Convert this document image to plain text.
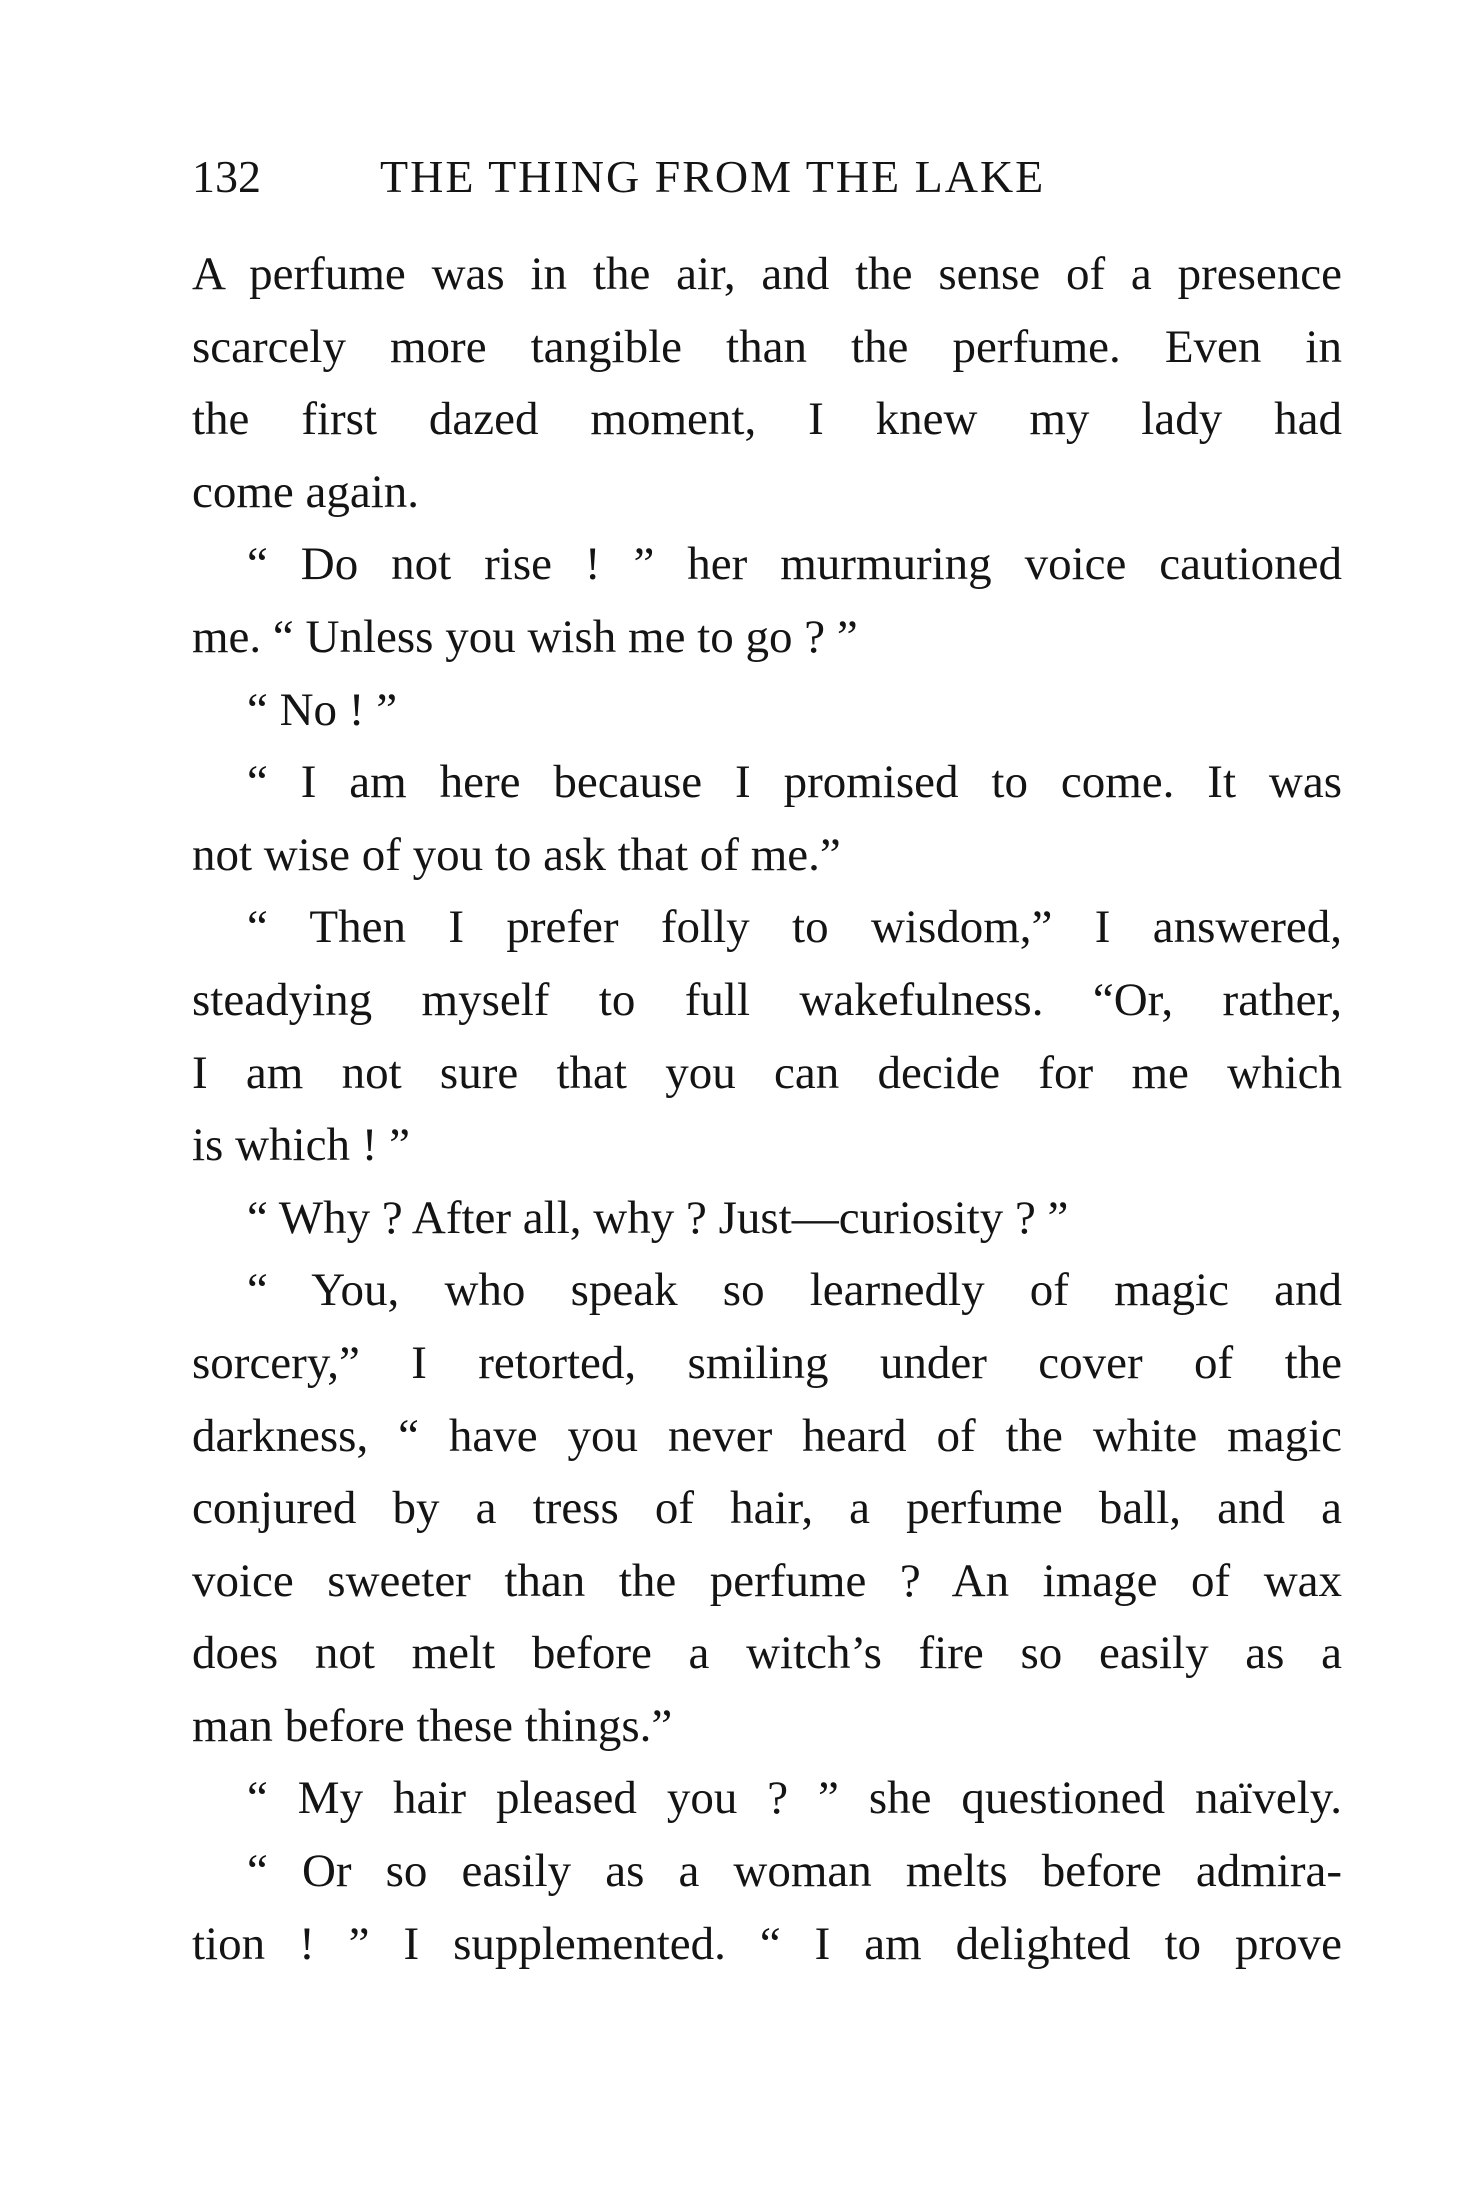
132	THE THING FROM THE LAKE
A perfume was in the air, and the sense of a presence
scarcely more tangible than the perfume. Even in
the first dazed moment, I knew my lady had
come again.
“ Do not rise ! ” her murmuring voice cautioned
me. “ Unless you wish me to go ? ”
“ No ! ”
“ I am here because I promised to come. It was
not wise of you to ask that of me.”
“ Then I prefer folly to wisdom,” I answered,
steadying myself to full wakefulness. “Or, rather,
I am not sure that you can decide for me which
is which ! ”
“ Why ? After all, why ? Just—curiosity ? ”
“ You, who speak so learnedly of magic and
sorcery,” I retorted, smiling under cover of the
darkness, “ have you never heard of the white magic
conjured by a tress of hair, a perfume ball, and a
voice sweeter than the perfume ? An image of wax
does not melt before a witch’s fire so easily as a
man before these things.”
“ My hair pleased you ? ” she questioned naïvely.
“ Or so easily as a woman melts before admira-
tion ! ” I supplemented. “ I am delighted to prove
